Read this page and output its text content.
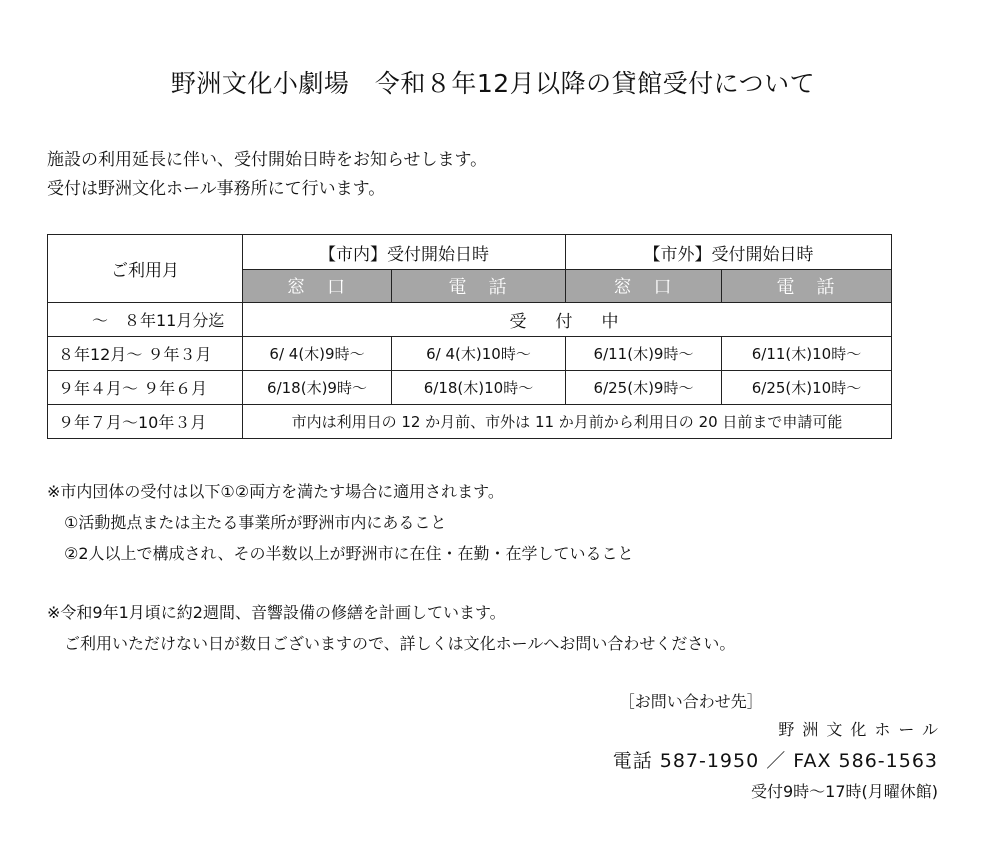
野洲文化小劇場　令和８年12月以降の貸館受付について
施設の利用延長に伴い、受付開始日時をお知らせします。
受付は野洲文化ホール事務所にて行います。
ご利用月	【市内】受付開始日時		【市外】受付開始日時	
	窓　口	電　話	窓　口	電　話
～　８年11月分迄	受　付　中			
８年12月～ ９年３月	6/ 4(木)9時～	6/ 4(木)10時～	6/11(木)9時～	6/11(木)10時～
９年４月～ ９年６月	6/18(木)9時～	6/18(木)10時～	6/25(木)9時～	6/25(木)10時～
９年７月～10年３月	市内は利用日の 12 か月前、市外は 11 か月前から利用日の 20 日前まで申請可能			
※市内団体の受付は以下①②両方を満たす場合に適用されます。
①活動拠点または主たる事業所が野洲市内にあること
②2人以上で構成され、その半数以上が野洲市に在住・在勤・在学していること
※令和9年1月頃に約2週間、音響設備の修繕を計画しています。
ご利用いただけない日が数日ございますので、詳しくは文化ホールへお問い合わせください。
［お問い合わせ先］
野洲文化ホール
電話 587-1950 ／ FAX 586-1563
受付9時～17時(月曜休館)
